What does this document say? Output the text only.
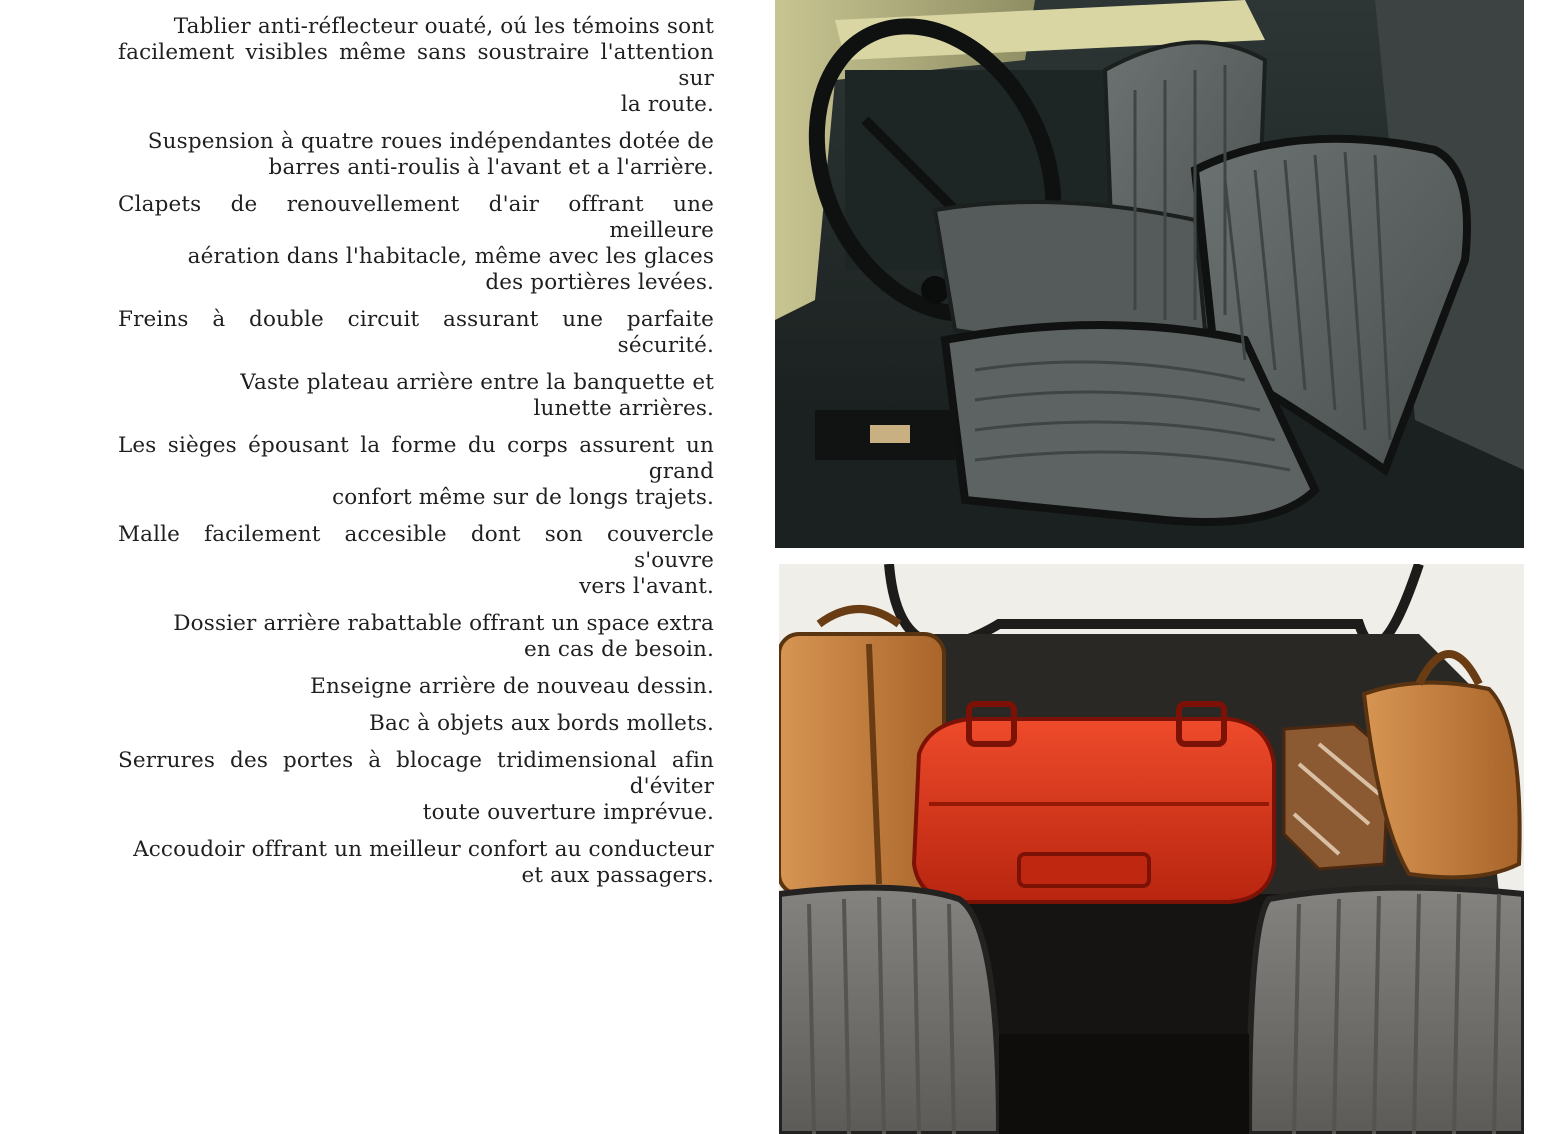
Tablier anti-réflecteur ouaté, oú les témoins sont
facilement visibles même sans soustraire l'attention sur
la route.

Suspension à quatre roues indépendantes dotée de
barres anti-roulis à l'avant et a l'arrière.

Clapets de renouvellement d'air offrant une meilleure
aération dans l'habitacle, même avec les glaces
des portières levées.

Freins à double circuit assurant une parfaite sécurité.

Vaste plateau arrière entre la banquette et
lunette arrières.

Les sièges épousant la forme du corps assurent un grand
confort même sur de longs trajets.

Malle facilement accesible dont son couvercle s'ouvre
vers l'avant.

Dossier arrière rabattable offrant un space extra
en cas de besoin.

Enseigne arrière de nouveau dessin.

Bac à objets aux bords mollets.

Serrures des portes à blocage tridimensional afin d'éviter
toute ouverture imprévue.

Accoudoir offrant un meilleur confort au conducteur
et aux passagers.
